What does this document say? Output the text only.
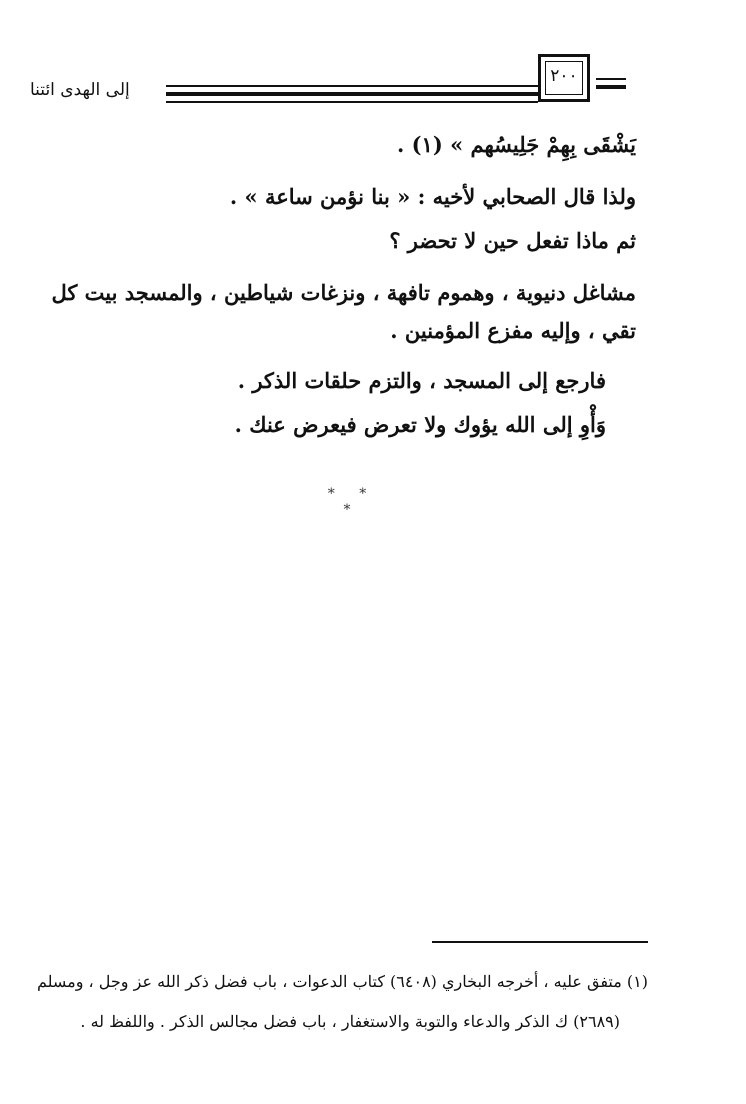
إلى الهدى ائتنا
٢٠٠
يَشْقَى بِهِمْ جَلِيسُهم » (١) .
ولذا قال الصحابي لأخيه : « بنا نؤمن ساعة » .
ثم ماذا تفعل حين لا تحضر ؟
مشاغل دنيوية ، وهموم تافهة ، ونزغات شياطين ، والمسجد بيت كل
تقي ، وإليه مفزع المؤمنين .
فارجع إلى المسجد ، والتزم حلقات الذكر .
وَأْوِ إلى الله يؤوك ولا تعرض فيعرض عنك .
* * *
(١) متفق عليه ، أخرجه البخاري (٦٤٠٨) كتاب الدعوات ، باب فضل ذكر الله عز وجل ، ومسلم
(٢٦٨٩) ك الذكر والدعاء والتوبة والاستغفار ، باب فضل مجالس الذكر . واللفظ له .
